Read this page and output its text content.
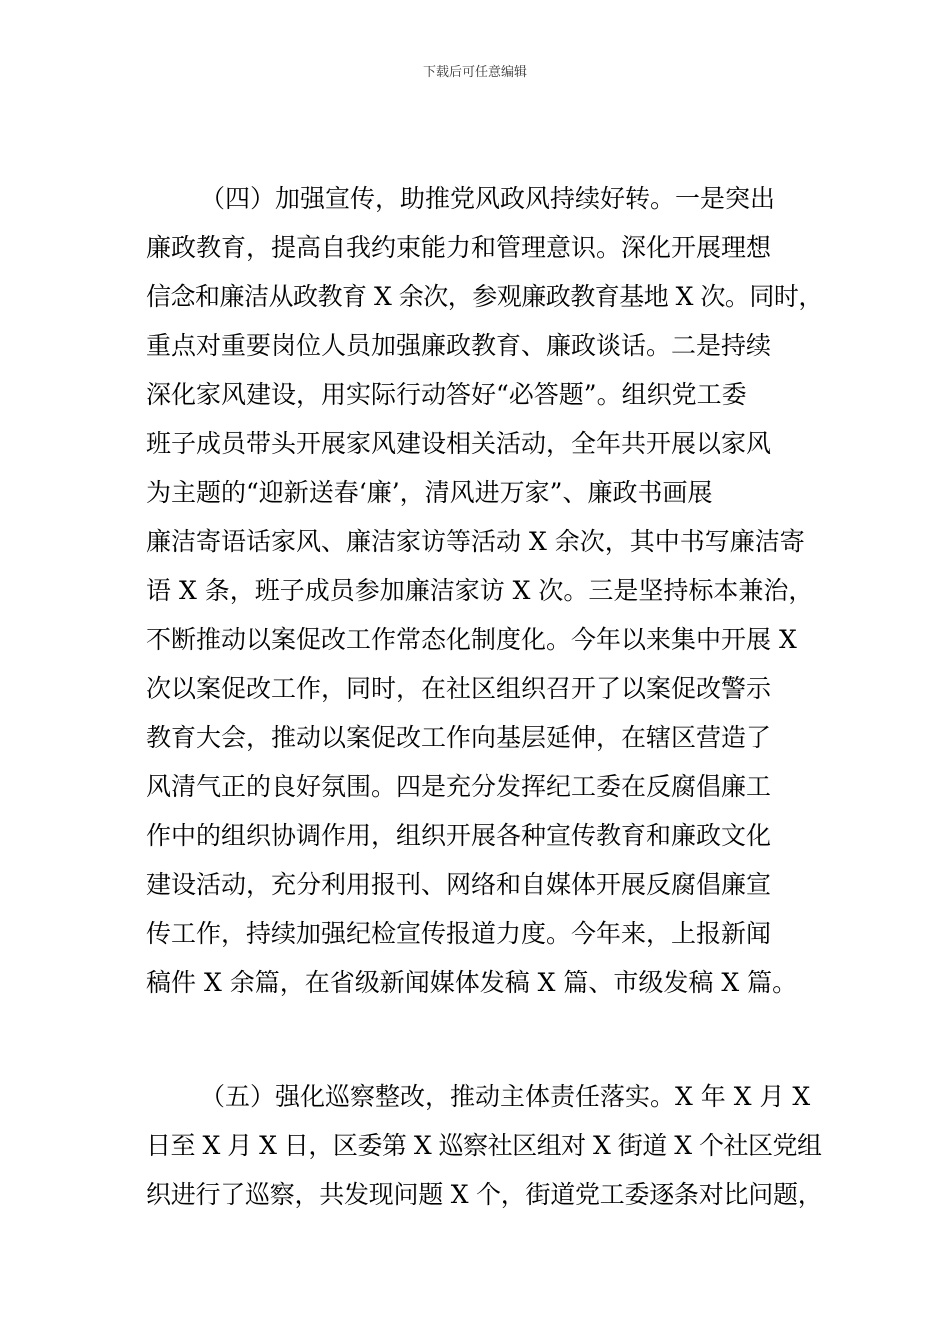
下载后可任意编辑
（四）加强宣传，助推党风政风持续好转。一是突出
廉政教育，提高自我约束能力和管理意识。深化开展理想
信念和廉洁从政教育 X 余次，参观廉政教育基地 X 次。同时，
重点对重要岗位人员加强廉政教育、廉政谈话。二是持续
深化家风建设，用实际行动答好“必答题”。组织党工委
班子成员带头开展家风建设相关活动，全年共开展以家风
为主题的“迎新送春‘廉’，清风进万家”、廉政书画展
廉洁寄语话家风、廉洁家访等活动 X 余次，其中书写廉洁寄
语 X 条，班子成员参加廉洁家访 X 次。三是坚持标本兼治，
不断推动以案促改工作常态化制度化。今年以来集中开展 X
次以案促改工作，同时，在社区组织召开了以案促改警示
教育大会，推动以案促改工作向基层延伸，在辖区营造了
风清气正的良好氛围。四是充分发挥纪工委在反腐倡廉工
作中的组织协调作用，组织开展各种宣传教育和廉政文化
建设活动，充分利用报刊、网络和自媒体开展反腐倡廉宣
传工作，持续加强纪检宣传报道力度。今年来，上报新闻
稿件 X 余篇，在省级新闻媒体发稿 X 篇、市级发稿 X 篇。
（五）强化巡察整改，推动主体责任落实。X 年 X 月 X
日至 X 月 X 日，区委第 X 巡察社区组对 X 街道 X 个社区党组
织进行了巡察，共发现问题 X 个，街道党工委逐条对比问题，
